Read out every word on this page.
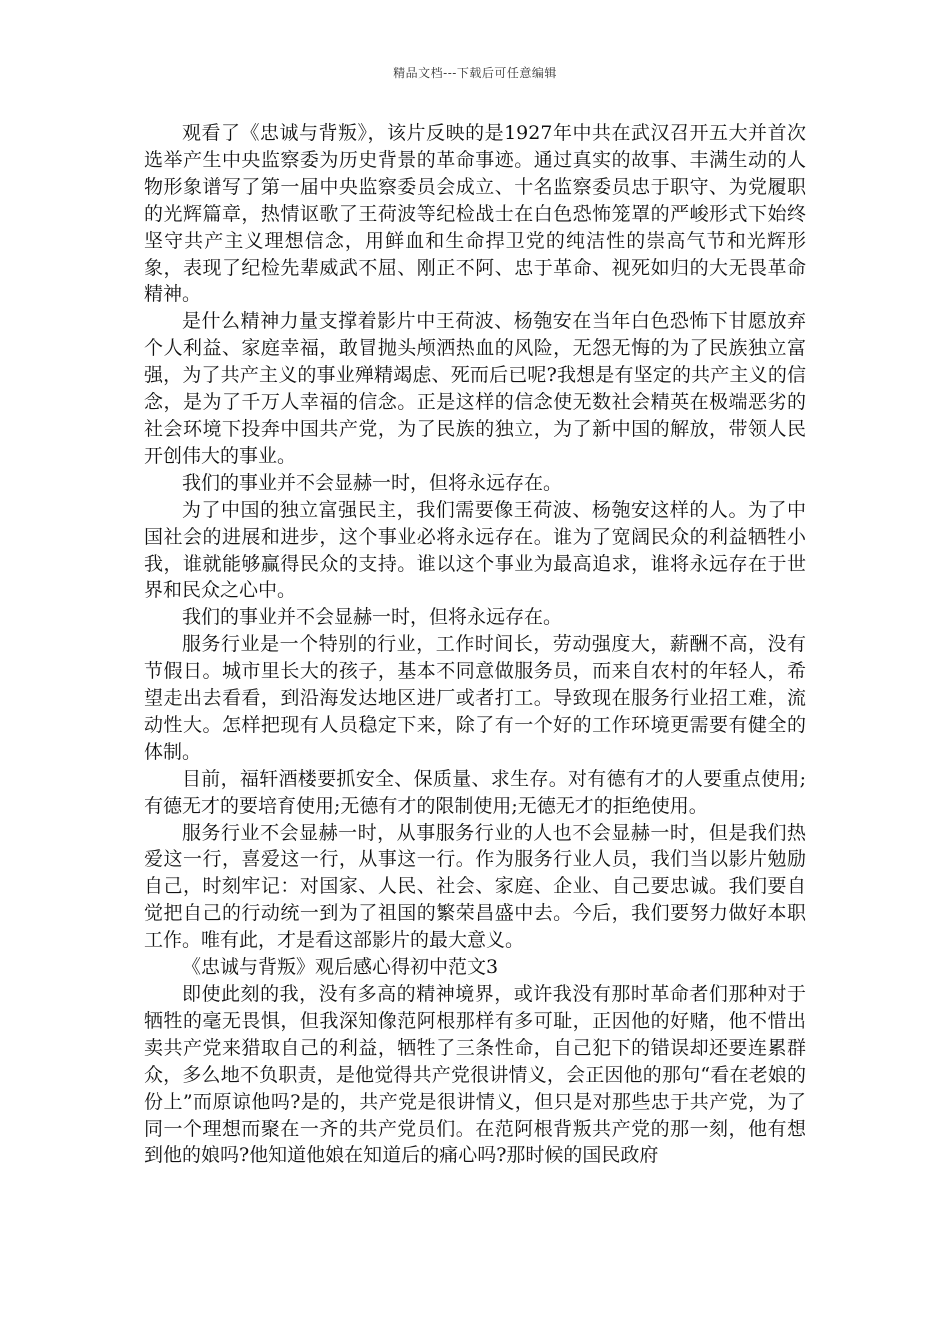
精品文档---下载后可任意编辑

观看了《忠诚与背叛》，该片反映的是1927年中共在武汉召开五大并首次选举产生中央监察委为历史背景的革命事迹。通过真实的故事、丰满生动的人物形象谱写了第一届中央监察委员会成立、十名监察委员忠于职守、为党履职的光辉篇章，热情讴歌了王荷波等纪检战士在白色恐怖笼罩的严峻形式下始终坚守共产主义理想信念，用鲜血和生命捍卫党的纯洁性的崇高气节和光辉形象，表现了纪检先辈威武不屈、刚正不阿、忠于革命、视死如归的大无畏革命精神。

是什么精神力量支撑着影片中王荷波、杨匏安在当年白色恐怖下甘愿放弃个人利益、家庭幸福，敢冒抛头颅洒热血的风险，无怨无悔的为了民族独立富强，为了共产主义的事业殚精竭虑、死而后已呢?我想是有坚定的共产主义的信念，是为了千万人幸福的信念。正是这样的信念使无数社会精英在极端恶劣的社会环境下投奔中国共产党，为了民族的独立，为了新中国的解放，带领人民开创伟大的事业。

我们的事业并不会显赫一时，但将永远存在。

为了中国的独立富强民主，我们需要像王荷波、杨匏安这样的人。为了中国社会的进展和进步，这个事业必将永远存在。谁为了宽阔民众的利益牺牲小我，谁就能够赢得民众的支持。谁以这个事业为最高追求，谁将永远存在于世界和民众之心中。

我们的事业并不会显赫一时，但将永远存在。

服务行业是一个特别的行业，工作时间长，劳动强度大，薪酬不高，没有节假日。城市里长大的孩子，基本不同意做服务员，而来自农村的年轻人，希望走出去看看，到沿海发达地区进厂或者打工。导致现在服务行业招工难，流动性大。怎样把现有人员稳定下来，除了有一个好的工作环境更需要有健全的体制。

目前，福轩酒楼要抓安全、保质量、求生存。对有德有才的人要重点使用;有德无才的要培育使用;无德有才的限制使用;无德无才的拒绝使用。

服务行业不会显赫一时，从事服务行业的人也不会显赫一时，但是我们热爱这一行，喜爱这一行，从事这一行。作为服务行业人员，我们当以影片勉励自己，时刻牢记：对国家、人民、社会、家庭、企业、自己要忠诚。我们要自觉把自己的行动统一到为了祖国的繁荣昌盛中去。今后，我们要努力做好本职工作。唯有此，才是看这部影片的最大意义。

《忠诚与背叛》观后感心得初中范文3

即使此刻的我，没有多高的精神境界，或许我没有那时革命者们那种对于牺牲的毫无畏惧，但我深知像范阿根那样有多可耻，正因他的好赌，他不惜出卖共产党来猎取自己的利益，牺牲了三条性命，自己犯下的错误却还要连累群众，多么地不负职责，是他觉得共产党很讲情义，会正因他的那句“看在老娘的份上”而原谅他吗?是的，共产党是很讲情义，但只是对那些忠于共产党，为了同一个理想而聚在一齐的共产党员们。在范阿根背叛共产党的那一刻，他有想到他的娘吗?他知道他娘在知道后的痛心吗?那时候的国民政府
